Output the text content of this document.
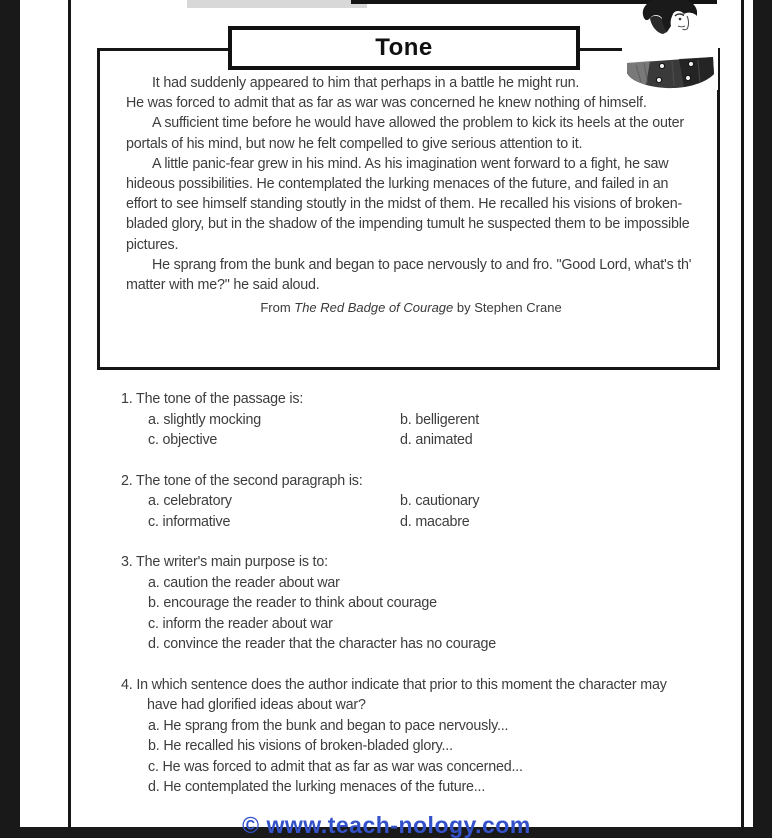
It had suddenly appeared to him that perhaps in a battle he might run. He was forced to admit that as far as war was concerned he knew nothing of himself.

A sufficient time before he would have allowed the problem to kick its heels at the outer portals of his mind, but now he felt compelled to give serious attention to it.

A little panic-fear grew in his mind. As his imagination went forward to a fight, he saw hideous possibilities. He contemplated the lurking menaces of the future, and failed in an effort to see himself standing stoutly in the midst of them. He recalled his visions of broken-bladed glory, but in the shadow of the impending tumult he suspected them to be impossible pictures.

He sprang from the bunk and began to pace nervously to and fro. "Good Lord, what's th' matter with me?" he said aloud.

From The Red Badge of Courage by Stephen Crane
Tone
1. The tone of the passage is:
a. slightly mocking	b. belligerent
c. objective	d. animated
2. The tone of the second paragraph is:
a. celebratory	b. cautionary
c. informative	d. macabre
3. The writer's main purpose is to:
a. caution the reader about war
b. encourage the reader to think about courage
c. inform the reader about war
d. convince the reader that the character has no courage
4. In which sentence does the author indicate that prior to this moment the character may have had glorified ideas about war?
a. He sprang from the bunk and began to pace nervously...
b. He recalled his visions of broken-bladed glory...
c. He was forced to admit that as far as war was concerned...
d. He contemplated the lurking menaces of the future...
© www.teach-nology.com
